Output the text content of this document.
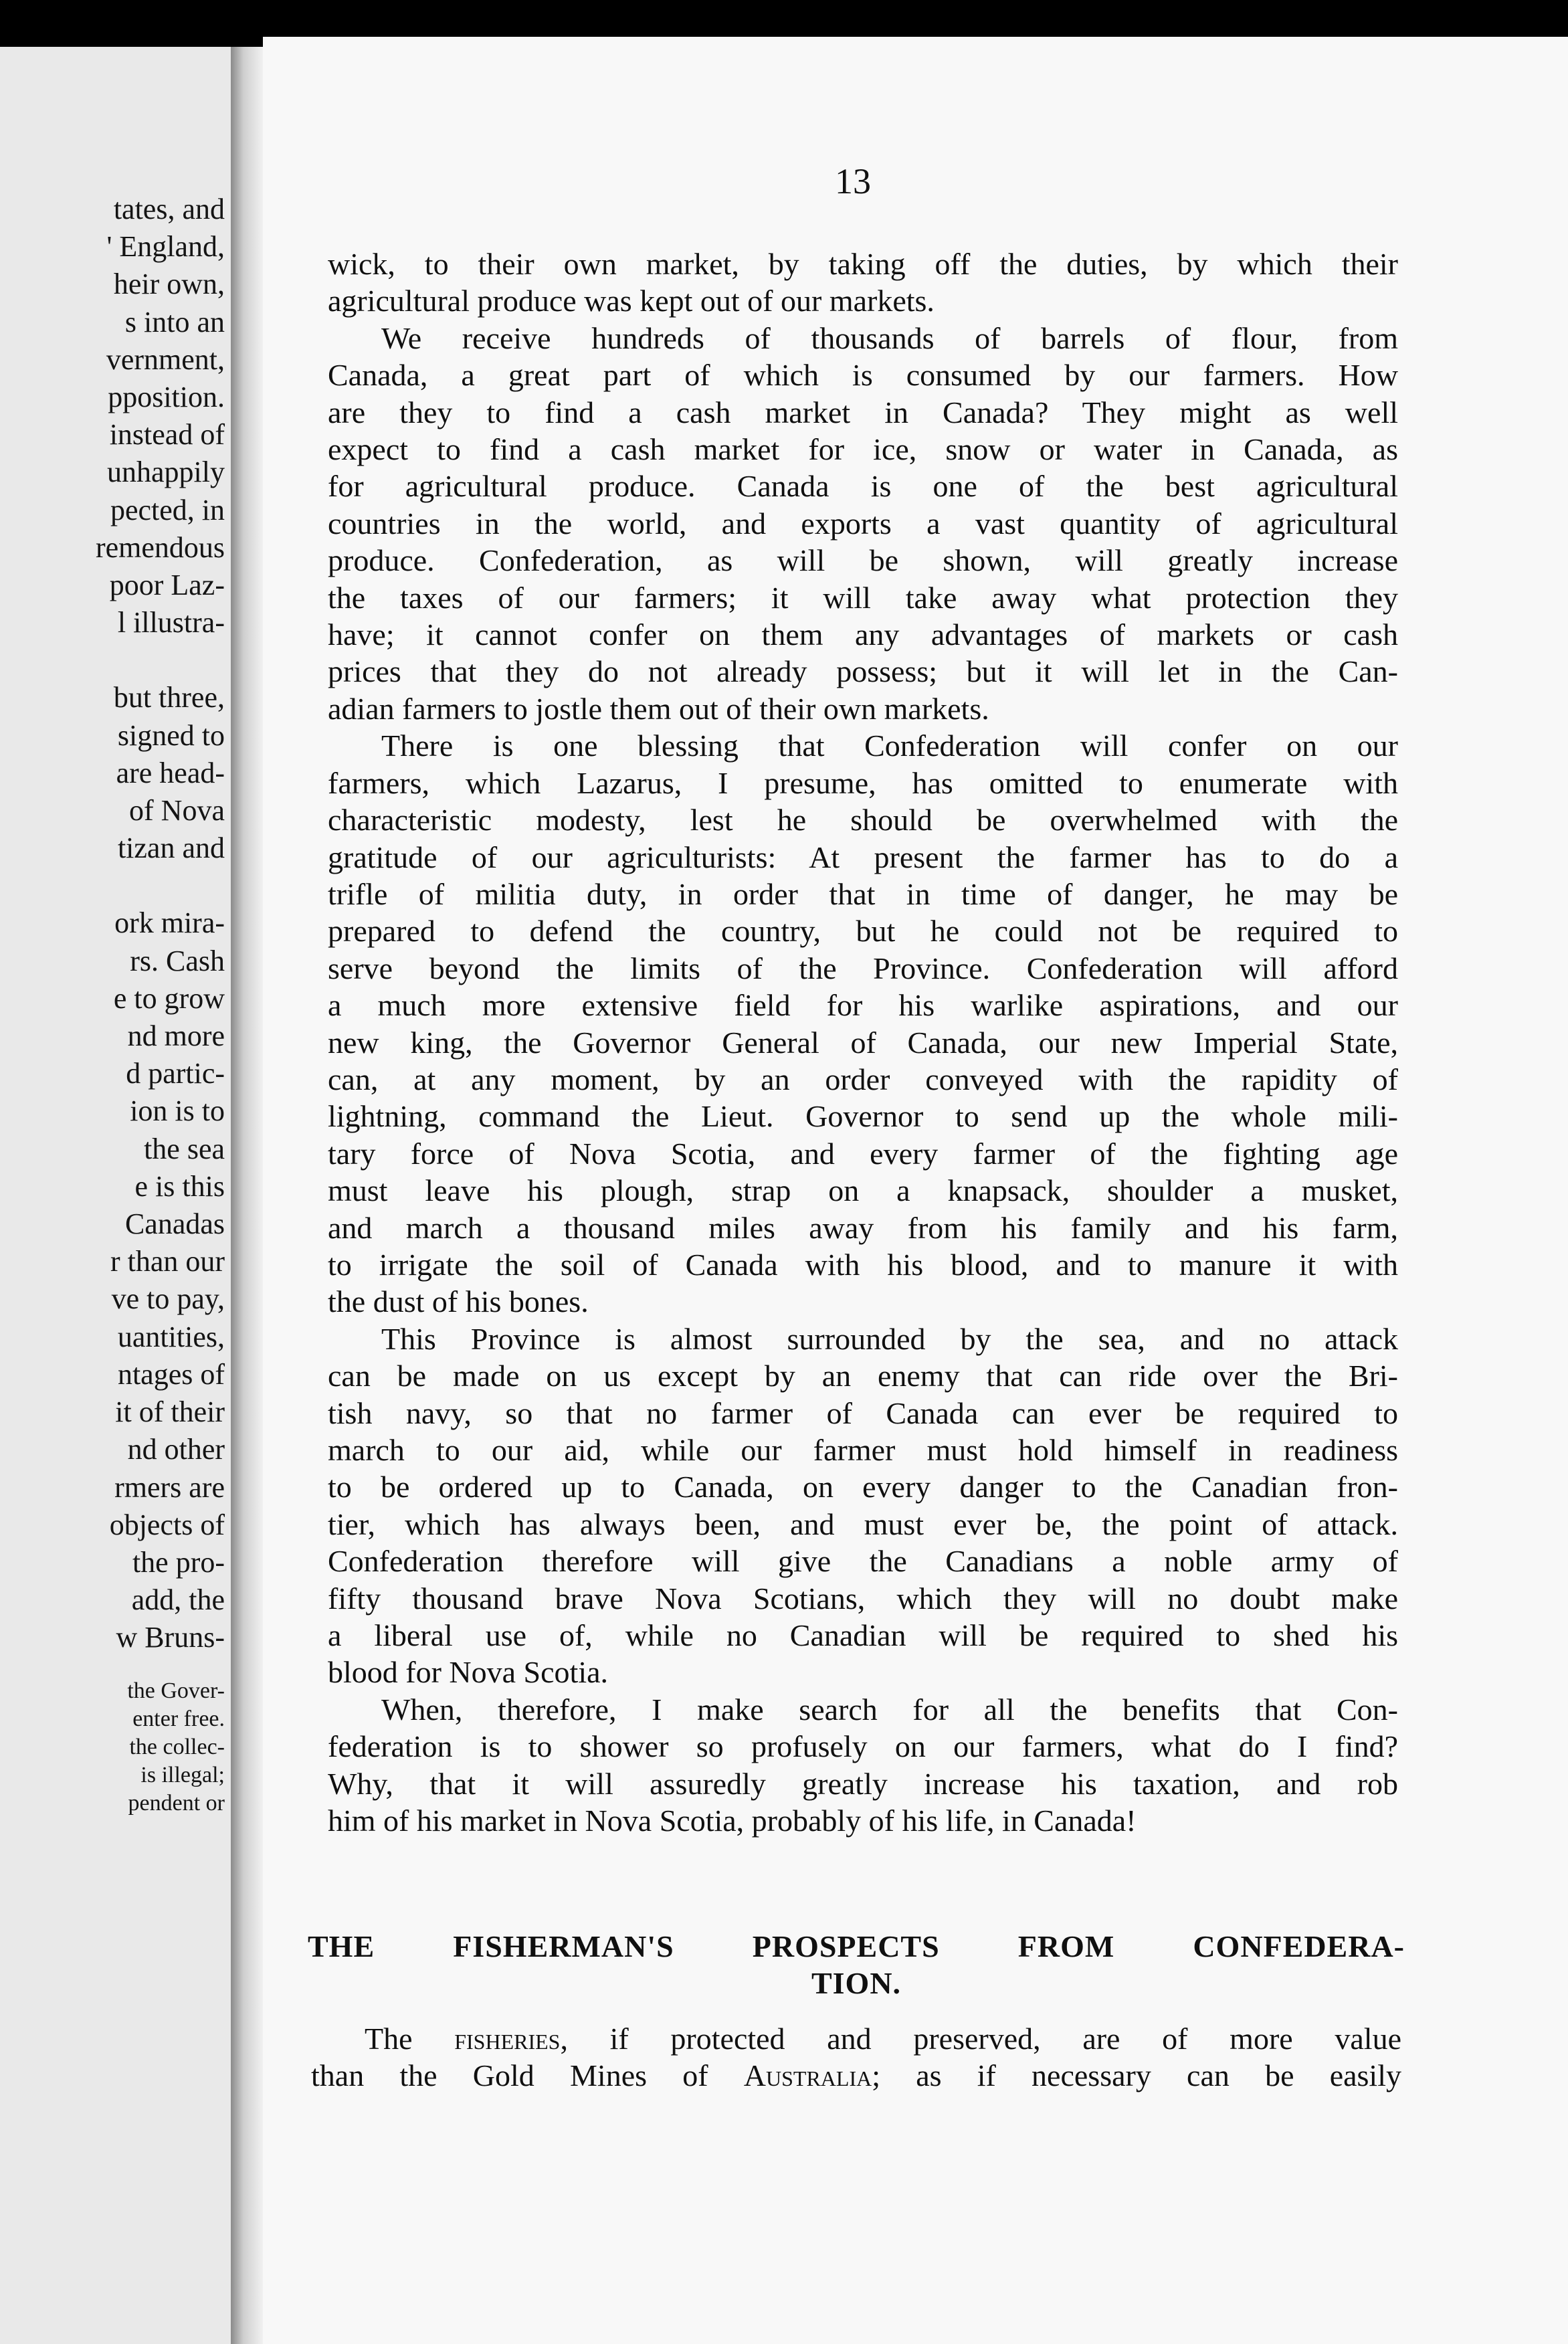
tates, and
' England,
heir own,
s into an
vernment,
pposition.
instead of
unhappily
pected, in
remendous
poor Laz-
l illustra-
but three,
signed to
are head-
of Nova
tizan and
ork mira-
rs. Cash
e to grow
nd more
d partic-
ion is to
the sea
e is this
Canadas
r than our
ve to pay,
uantities,
ntages of
it of their
nd other
rmers are
objects of
the pro-
add, the
w Bruns-
the Gover-
enter free.
the collec-
is illegal;
pendent or
13

wick, to their own market, by taking off the duties, by which their
agricultural produce was kept out of our markets.

We receive hundreds of thousands of barrels of flour, from
Canada, a great part of which is consumed by our farmers. How
are they to find a cash market in Canada? They might as well
expect to find a cash market for ice, snow or water in Canada, as
for agricultural produce. Canada is one of the best agricultural
countries in the world, and exports a vast quantity of agricultural
produce. Confederation, as will be shown, will greatly increase
the taxes of our farmers; it will take away what protection they
have; it cannot confer on them any advantages of markets or cash
prices that they do not already possess; but it will let in the Can-
adian farmers to jostle them out of their own markets.

There is one blessing that Confederation will confer on our
farmers, which Lazarus, I presume, has omitted to enumerate with
characteristic modesty, lest he should be overwhelmed with the
gratitude of our agriculturists: At present the farmer has to do a
trifle of militia duty, in order that in time of danger, he may be
prepared to defend the country, but he could not be required to
serve beyond the limits of the Province. Confederation will afford
a much more extensive field for his warlike aspirations, and our
new king, the Governor General of Canada, our new Imperial State,
can, at any moment, by an order conveyed with the rapidity of
lightning, command the Lieut. Governor to send up the whole mili-
tary force of Nova Scotia, and every farmer of the fighting age
must leave his plough, strap on a knapsack, shoulder a musket,
and march a thousand miles away from his family and his farm,
to irrigate the soil of Canada with his blood, and to manure it with
the dust of his bones.

This Province is almost surrounded by the sea, and no attack
can be made on us except by an enemy that can ride over the Bri-
tish navy, so that no farmer of Canada can ever be required to
march to our aid, while our farmer must hold himself in readiness
to be ordered up to Canada, on every danger to the Canadian fron-
tier, which has always been, and must ever be, the point of attack.
Confederation therefore will give the Canadians a noble army of
fifty thousand brave Nova Scotians, which they will no doubt make
a liberal use of, while no Canadian will be required to shed his
blood for Nova Scotia.

When, therefore, I make search for all the benefits that Con-
federation is to shower so profusely on our farmers, what do I find?
Why, that it will assuredly greatly increase his taxation, and rob
him of his market in Nova Scotia, probably of his life, in Canada!

THE FISHERMAN'S PROSPECTS FROM CONFEDERA-
TION.
The fisheries, if protected and preserved, are of more value
than the Gold Mines of Australia; as if necessary can be easily
